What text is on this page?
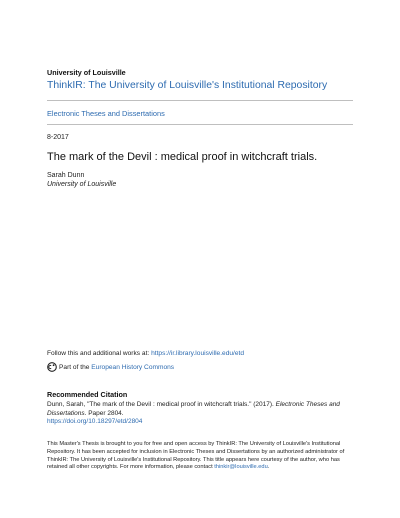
University of Louisville
ThinkIR: The University of Louisville's Institutional Repository
Electronic Theses and Dissertations
8-2017
The mark of the Devil : medical proof in witchcraft trials.
Sarah Dunn
University of Louisville
Follow this and additional works at: https://ir.library.louisville.edu/etd
Part of the
European History Commons
Recommended Citation
Dunn, Sarah, "The mark of the Devil : medical proof in witchcraft trials." (2017). Electronic Theses and Dissertations. Paper 2804.
https://doi.org/10.18297/etd/2804
This Master's Thesis is brought to you for free and open access by ThinkIR: The University of Louisville's Institutional Repository. It has been accepted for inclusion in Electronic Theses and Dissertations by an authorized administrator of ThinkIR: The University of Louisville's Institutional Repository. This title appears here courtesy of the author, who has retained all other copyrights. For more information, please contact thinkir@louisville.edu.
